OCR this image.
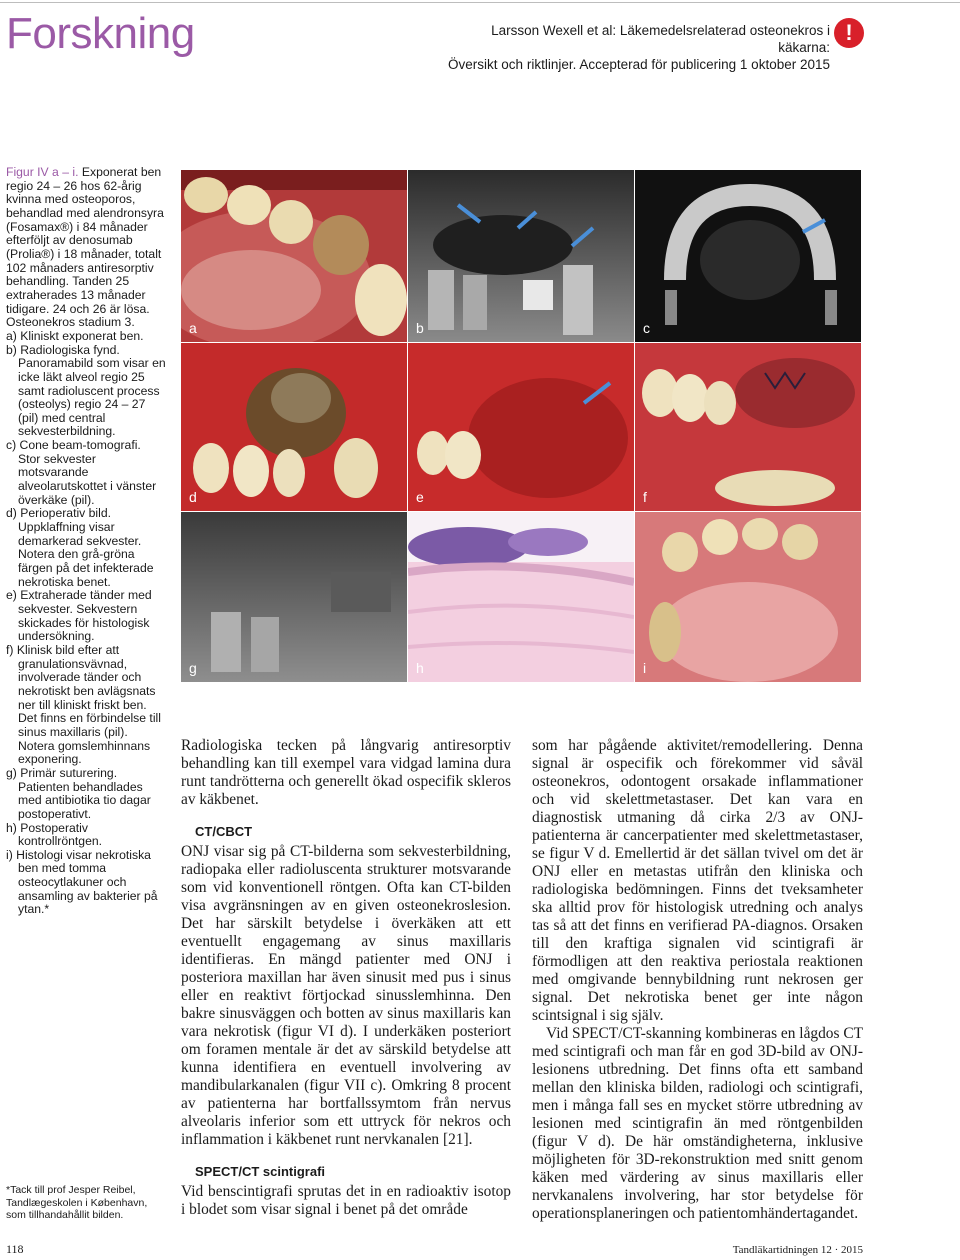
Forskning	Larsson Wexell et al: Läkemedelsrelaterad osteonekros i käkarna:
Översikt och riktlinjer. Accepterad för publicering 1 oktober 2015
!

Figur IV a – i. Exponerat ben regio 24 – 26 hos 62-årig kvinna med osteoporos, behandlad med alendronsyra (Fosamax®) i 84 månader efterföljt av denosumab (Prolia®) i 18 månader, totalt 102 månaders antiresorptiv behandling. Tanden 25 extraherades 13 månader tidigare. 24 och 26 är lösa. Osteonekros stadium 3.

a) Kliniskt exponerat ben.

b) Radiologiska fynd.
Panoramabild som visar en icke läkt alveol regio 25 samt radioluscent process (osteolys) regio 24 – 27 (pil) med central sekvesterbildning.

c) Cone beam-tomografi.
Stor sekvester motsvarande alveolarutskottet i vänster överkäke (pil).

d) Perioperativ bild. Uppklaffning visar demarkerad sekvester. Notera den grå-gröna färgen på det infekterade nekrotiska benet.

e) Extraherade tänder med sekvester. Sekvestern skickades för histologisk undersökning.

f) Klinisk bild efter att granulationsvävnad, involverade tänder och nekrotiskt ben avlägsnats ner till kliniskt friskt ben. Det finns en förbindelse till sinus maxillaris (pil). Notera gomslemhinnans exponering.

g) Primär suturering. Patienten behandlades med antibiotika tio dagar postoperativt.

h) Postoperativ kontrollröntgen.

i) Histologi visar nekrotiska ben med tomma osteocytlakuner och ansamling av bakterier på ytan.*

*Tack till prof Jesper Reibel,

Tandlægeskolen i København,

som tillhandahållit bilden.

a	b	c
d	e	f
g	h	i

Radiologiska tecken på långvarig antiresorptiv behandling kan till exempel vara vidgad lamina dura runt tandrötterna och generellt ökad ospecifik skleros av käkbenet.

CT/CBCT

ONJ visar sig på CT-bilderna som sekvesterbildning, radiopaka eller radioluscenta strukturer motsvarande som vid konventionell röntgen. Ofta kan CT-bilden visa avgränsningen av en given osteonekroslesion. Det har särskilt betydelse i överkäken att ett eventuellt engagemang av sinus maxillaris identifieras. En mängd patienter med ONJ i posteriora maxillan har även sinusit med pus i sinus eller en reaktivt förtjockad sinusslemhinna. Den bakre sinusväggen och botten av sinus maxillaris kan vara nekrotisk (figur VI d). I underkäken posteriort om foramen mentale är det av särskild betydelse att kunna identifiera en eventuell involvering av mandibularkanalen (figur VII c). Omkring 8 procent av patienterna har bortfallssymtom från nervus alveolaris inferior som ett uttryck för nekros och inflammation i käkbenet runt nervkanalen [21].

SPECT/CT scintigrafi

Vid benscintigrafi sprutas det in en radioaktiv isotop i blodet som visar signal i benet på det område

som har pågående aktivitet/remodellering. Denna signal är ospecifik och förekommer vid såväl osteonekros, odontogent orsakade inflammationer och vid skelettmetastaser. Det kan vara en diagnostisk utmaning då cirka 2/3 av ONJ-patienterna är cancerpatienter med skelettmetastaser, se figur V d. Emellertid är det sällan tvivel om det är ONJ eller en metastas utifrån den kliniska och radiologiska bedömningen. Finns det tveksamheter ska alltid prov för histologisk utredning och analys tas så att det finns en verifierad PA-diagnos. Orsaken till den kraftiga signalen vid scintigrafi är förmodligen att den reaktiva periostala reaktionen med omgivande bennybildning runt nekrosen ger signal. Det nekrotiska benet ger inte någon scintsignal i sig själv.

Vid SPECT/CT-skanning kombineras en lågdos CT med scintigrafi och man får en god 3D-bild av ONJ-lesionens utbredning. Det finns ofta ett samband mellan den kliniska bilden, radiologi och scintigrafi, men i många fall ses en mycket större utbredning av lesionen med scintigrafin än med röntgenbilden (figur V d). De här omständigheterna, inklusive möjligheten för 3D-rekonstruktion med snitt genom käken med värdering av sinus maxillaris eller nervkanalens involvering, har stor betydelse för operationsplaneringen och patientomhändertagandet.

118	Tandläkartidningen 12 · 2015
